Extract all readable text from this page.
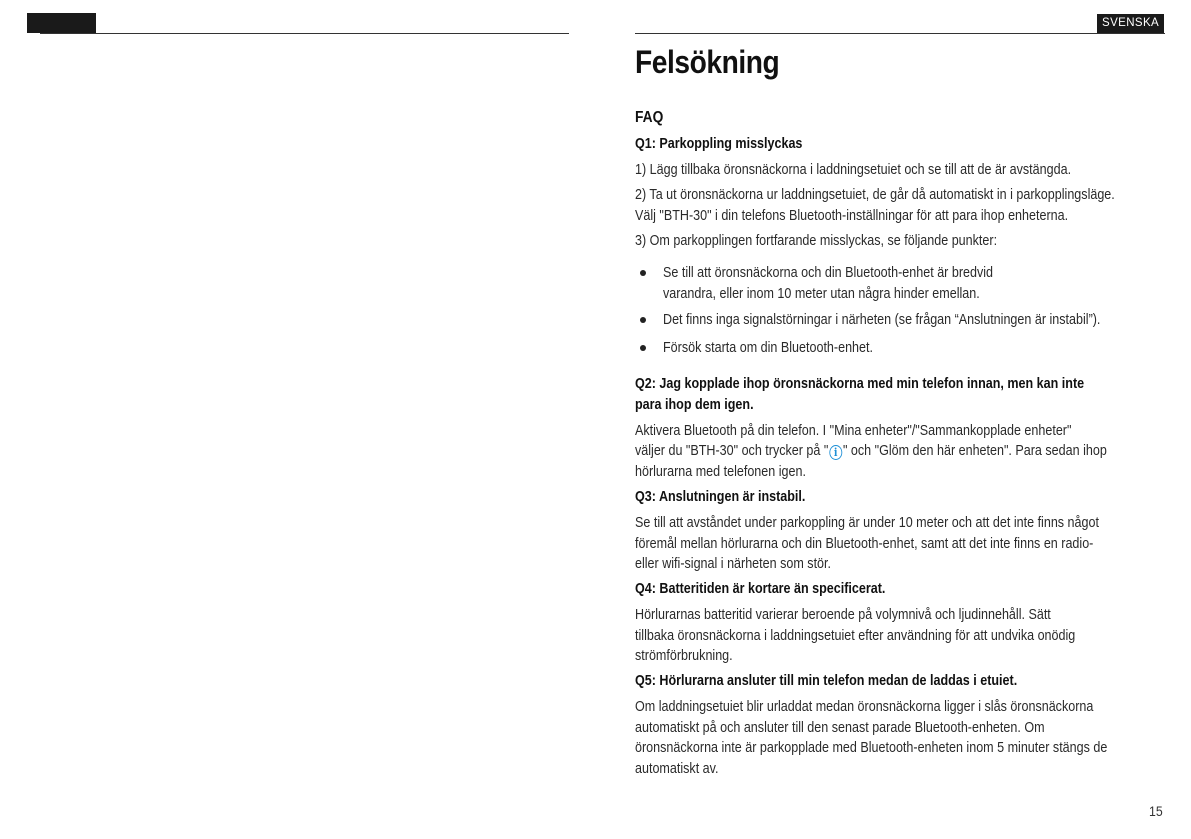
SVENSKA
Felsökning

FAQ

Q1: Parkoppling misslyckas

1) Lägg tillbaka öronsnäckorna i laddningsetuiet och se till att de är avstängda.

2) Ta ut öronsnäckorna ur laddningsetuiet, de går då automatiskt in i parkopplingsläge.

Välj "BTH-30" i din telefons Bluetooth-inställningar för att para ihop enheterna.

3) Om parkopplingen fortfarande misslyckas, se följande punkter:

Se till att öronsnäckorna och din Bluetooth-enhet är bredvid

varandra, eller inom 10 meter utan några hinder emellan.

Det finns inga signalstörningar i närheten (se frågan “Anslutningen är instabil”).

Försök starta om din Bluetooth-enhet.

Q2: Jag kopplade ihop öronsnäckorna med min telefon innan, men kan inte

para ihop dem igen.

Aktivera Bluetooth på din telefon. I "Mina enheter"/"Sammankopplade enheter"

väljer du "BTH-30" och trycker på " i " och "Glöm den här enheten". Para sedan ihop

hörlurarna med telefonen igen.

Q3: Anslutningen är instabil.

Se till att avståndet under parkoppling är under 10 meter och att det inte finns något

föremål mellan hörlurarna och din Bluetooth-enhet, samt att det inte finns en radio-

eller wifi-signal i närheten som stör.

Q4: Batteritiden är kortare än specificerat.

Hörlurarnas batteritid varierar beroende på volymnivå och ljudinnehåll. Sätt

tillbaka öronsnäckorna i laddningsetuiet efter användning för att undvika onödig

strömförbrukning.

Q5: Hörlurarna ansluter till min telefon medan de laddas i etuiet.

Om laddningsetuiet blir urladdat medan öronsnäckorna ligger i slås öronsnäckorna

automatiskt på och ansluter till den senast parade Bluetooth-enheten. Om

öronsnäckorna inte är parkopplade med Bluetooth-enheten inom 5 minuter stängs de

automatiskt av.

15
